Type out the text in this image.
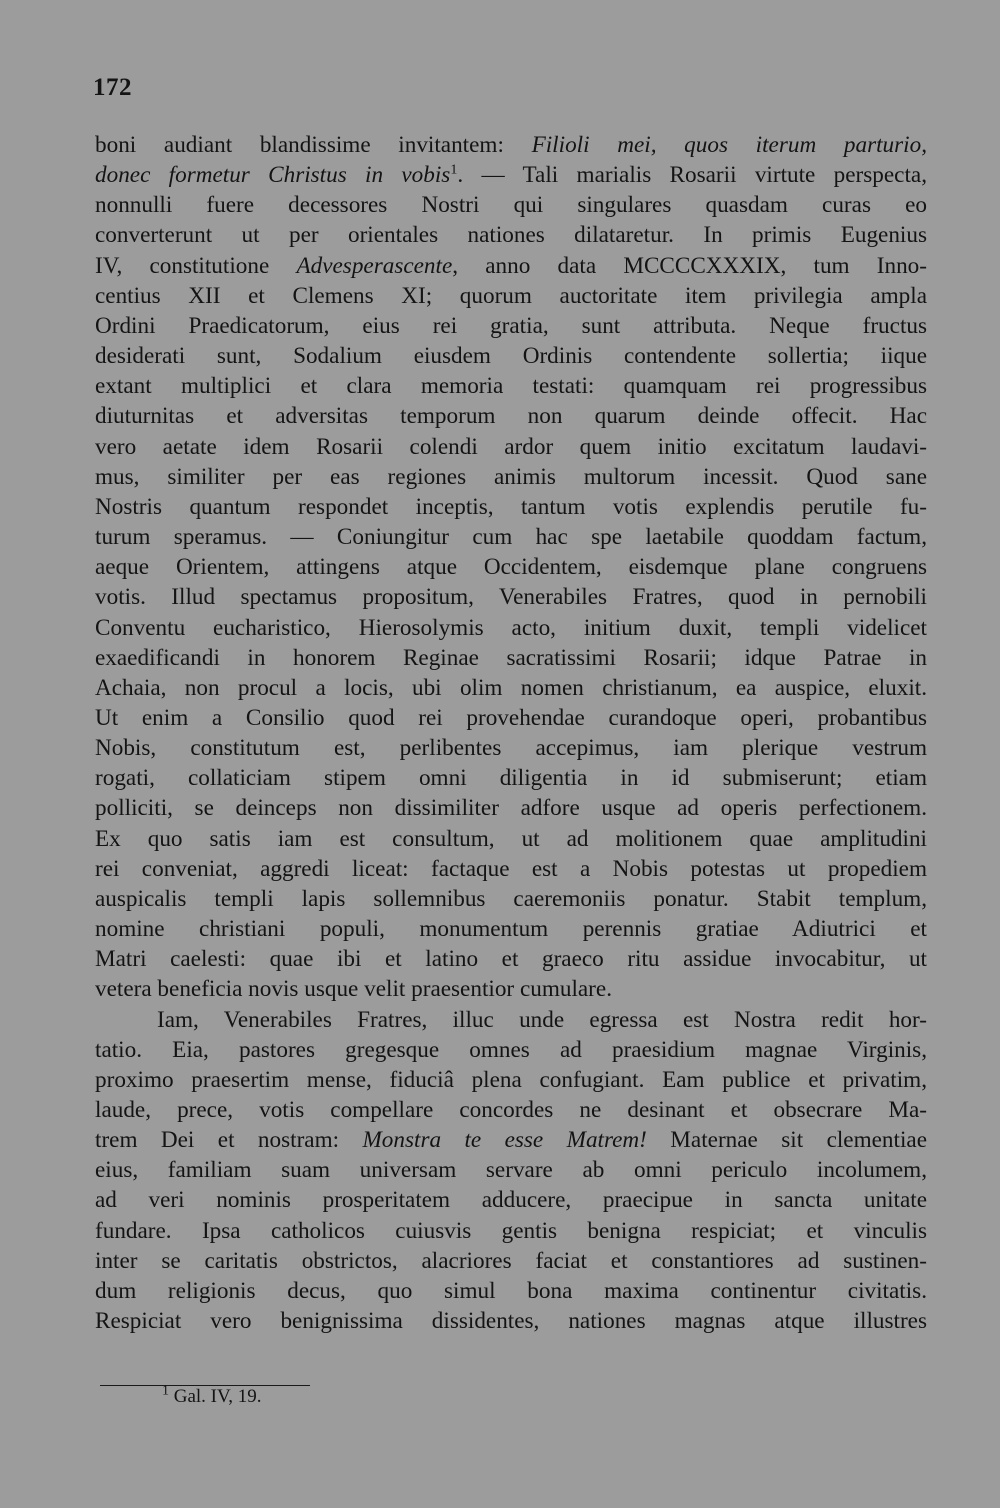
172
boni audiant blandissime invitantem: Filioli mei, quos iterum parturio,
donec formetur Christus in vobis$^1$. — Tali marialis Rosarii virtute perspecta,
nonnulli fuere decessores Nostri qui singulares quasdam curas eo
converterunt ut per orientales nationes dilataretur. In primis Eugenius
IV, constitutione Advesperascente, anno data MCCCCXXXIX, tum Inno-
centius XII et Clemens XI; quorum auctoritate item privilegia ampla
Ordini Praedicatorum, eius rei gratia, sunt attributa. Neque fructus
desiderati sunt, Sodalium eiusdem Ordinis contendente sollertia; iique
extant multiplici et clara memoria testati: quamquam rei progressibus
diuturnitas et adversitas temporum non quarum deinde offecit. Hac
vero aetate idem Rosarii colendi ardor quem initio excitatum laudavi-
mus, similiter per eas regiones animis multorum incessit. Quod sane
Nostris quantum respondet inceptis, tantum votis explendis perutile fu-
turum speramus. — Coniungitur cum hac spe laetabile quoddam factum,
aeque Orientem, attingens atque Occidentem, eisdemque plane congruens
votis. Illud spectamus propositum, Venerabiles Fratres, quod in pernobili
Conventu eucharistico, Hierosolymis acto, initium duxit, templi videlicet
exaedificandi in honorem Reginae sacratissimi Rosarii; idque Patrae in
Achaia, non procul a locis, ubi olim nomen christianum, ea auspice, eluxit.
Ut enim a Consilio quod rei provehendae curandoque operi, probantibus
Nobis, constitutum est, perlibentes accepimus, iam plerique vestrum
rogati, collaticiam stipem omni diligentia in id submiserunt; etiam
polliciti, se deinceps non dissimiliter adfore usque ad operis perfectionem.
Ex quo satis iam est consultum, ut ad molitionem quae amplitudini
rei conveniat, aggredi liceat: factaque est a Nobis potestas ut propediem
auspicalis templi lapis sollemnibus caeremoniis ponatur. Stabit templum,
nomine christiani populi, monumentum perennis gratiae Adiutrici et
Matri caelesti: quae ibi et latino et graeco ritu assidue invocabitur, ut
vetera beneficia novis usque velit praesentior cumulare.
Iam, Venerabiles Fratres, illuc unde egressa est Nostra redit hor-
tatio. Eia, pastores gregesque omnes ad praesidium magnae Virginis,
proximo praesertim mense, fiduciâ plena confugiant. Eam publice et privatim,
laude, prece, votis compellare concordes ne desinant et obsecrare Ma-
trem Dei et nostram: Monstra te esse Matrem! Maternae sit clementiae
eius, familiam suam universam servare ab omni periculo incolumem,
ad veri nominis prosperitatem adducere, praecipue in sancta unitate
fundare. Ipsa catholicos cuiusvis gentis benigna respiciat; et vinculis
inter se caritatis obstrictos, alacriores faciat et constantiores ad sustinen-
dum religionis decus, quo simul bona maxima continentur civitatis.
Respiciat vero benignissima dissidentes, nationes magnas atque illustres
$^1$ Gal. IV, 19.
